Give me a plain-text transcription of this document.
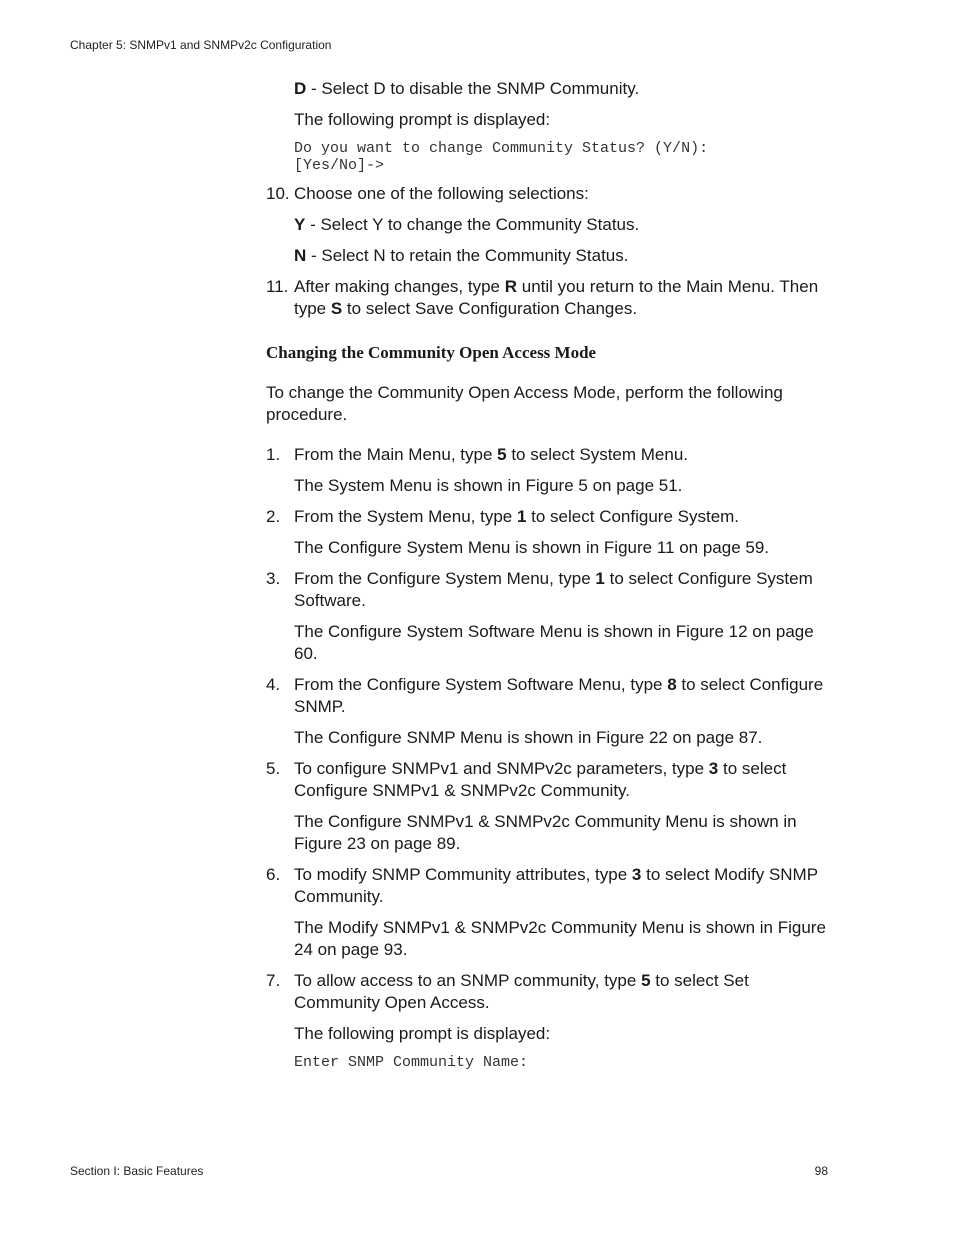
Chapter 5: SNMPv1 and SNMPv2c Configuration

D - Select D to disable the SNMP Community.

The following prompt is displayed:

Do you want to change Community Status? (Y/N):
[Yes/No]->
10. Choose one of the following selections:

Y - Select Y to change the Community Status.

N - Select N to retain the Community Status.

11. After making changes, type R until you return to the Main Menu. Then type S to select Save Configuration Changes.
Changing the Community Open Access Mode

To change the Community Open Access Mode, perform the following procedure.

1. From the Main Menu, type 5 to select System Menu.

The System Menu is shown in Figure 5 on page 51.

2. From the System Menu, type 1 to select Configure System.

The Configure System Menu is shown in Figure 11 on page 59.

3. From the Configure System Menu, type 1 to select Configure System Software.

The Configure System Software Menu is shown in Figure 12 on page 60.

4. From the Configure System Software Menu, type 8 to select Configure SNMP.

The Configure SNMP Menu is shown in Figure 22 on page 87.

5. To configure SNMPv1 and SNMPv2c parameters, type 3 to select Configure SNMPv1 & SNMPv2c Community.

The Configure SNMPv1 & SNMPv2c Community Menu is shown in Figure 23 on page 89.

6. To modify SNMP Community attributes, type 3 to select Modify SNMP Community.

The Modify SNMPv1 & SNMPv2c Community Menu is shown in Figure 24 on page 93.

7. To allow access to an SNMP community, type 5 to select Set Community Open Access.

The following prompt is displayed:

Enter SNMP Community Name:
Section I: Basic Features	98
